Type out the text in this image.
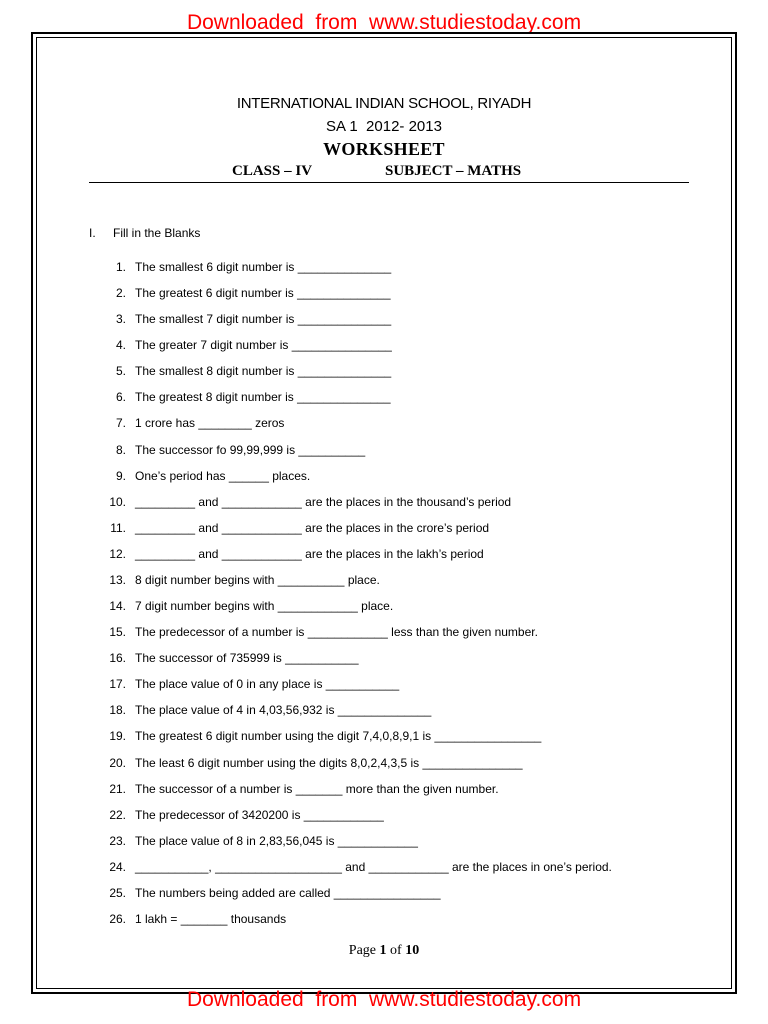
Downloaded  from  www.studiestoday.com
INTERNATIONAL INDIAN SCHOOL, RIYADH
SA 1  2012- 2013
WORKSHEET
CLASS – IV	SUBJECT – MATHS
I. Fill in the Blanks
1. The smallest 6 digit number is ______________
2. The greatest 6 digit number is ______________
3. The smallest 7 digit number is ______________
4. The greater 7 digit number is _______________
5. The smallest 8 digit number is ______________
6. The greatest 8 digit number is ______________
7. 1 crore has ________ zeros
8. The successor fo 99,99,999 is __________
9. One’s period has ______ places.
10. _________ and ____________ are the places in the thousand’s period
11. _________ and ____________ are the places in the crore’s period
12. _________ and ____________ are the places in the lakh’s period
13. 8 digit number begins with __________ place.
14. 7 digit number begins with ____________ place.
15. The predecessor of a number is ____________ less than the given number.
16. The successor of 735999 is ___________
17. The place value of 0 in any place is ___________
18. The place value of 4 in 4,03,56,932 is ______________
19. The greatest 6 digit number using the digit 7,4,0,8,9,1 is ________________
20. The least 6 digit number using the digits 8,0,2,4,3,5 is _______________
21. The successor of a number is _______ more than the given number.
22. The predecessor of 3420200 is ____________
23. The place value of 8 in 2,83,56,045 is ____________
24. ___________, ___________________ and ____________ are the places in one’s period.
25. The numbers being added are called ________________
26. 1 lakh = _______ thousands
Page 1 of 10
Downloaded  from  www.studiestoday.com
